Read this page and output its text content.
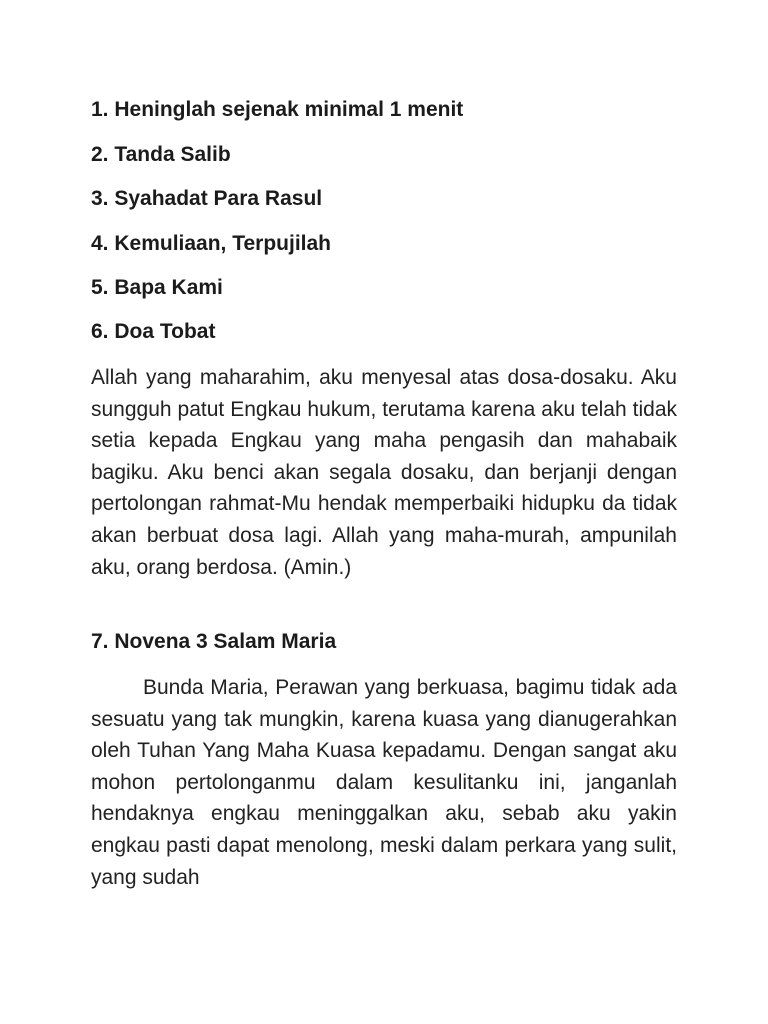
1. Heninglah sejenak minimal 1 menit
2. Tanda Salib
3. Syahadat Para Rasul
4. Kemuliaan, Terpujilah
5. Bapa Kami
6. Doa Tobat
Allah yang maharahim, aku menyesal atas dosa-dosaku. Aku sungguh patut Engkau hukum, terutama karena aku telah tidak setia kepada Engkau yang maha pengasih dan mahabaik bagiku. Aku benci akan segala dosaku, dan berjanji dengan pertolongan rahmat-Mu hendak memperbaiki hidupku da tidak akan berbuat dosa lagi. Allah yang maha-murah, ampunilah aku, orang berdosa. (Amin.)
7. Novena 3 Salam Maria
Bunda Maria, Perawan yang berkuasa, bagimu tidak ada sesuatu yang tak mungkin, karena kuasa yang dianugerahkan oleh Tuhan Yang Maha Kuasa kepadamu. Dengan sangat aku mohon pertolonganmu dalam kesulitanku ini, janganlah hendaknya engkau meninggalkan aku, sebab aku yakin engkau pasti dapat menolong, meski dalam perkara yang sulit, yang sudah
